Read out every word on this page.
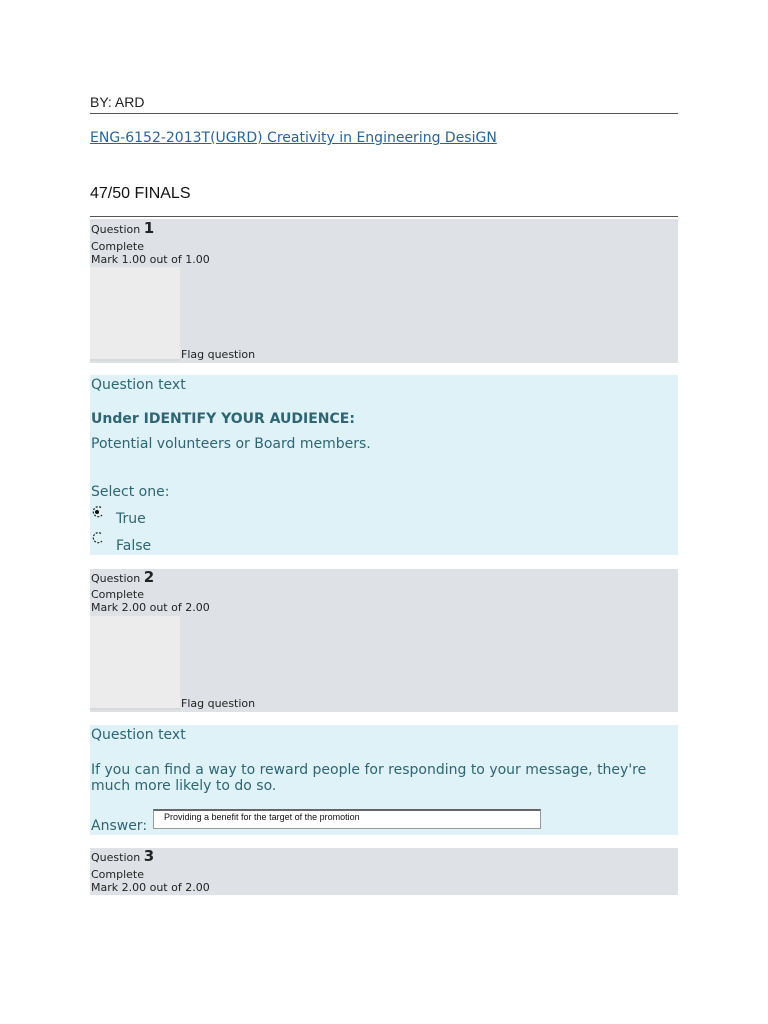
BY: ARD
ENG-6152-2013T(UGRD) Creativity in Engineering DesiGN
47/50 FINALS
Question 1
Complete
Mark 1.00 out of 1.00
Flag question
Question text
Under IDENTIFY YOUR AUDIENCE:
Potential volunteers or Board members.
Select one:
True
False
Question 2
Complete
Mark 2.00 out of 2.00
Flag question
Question text
If you can find a way to reward people for responding to your message, they're
much more likely to do so.
Answer:
Providing a benefit for the target of the promotion
Question 3
Complete
Mark 2.00 out of 2.00
